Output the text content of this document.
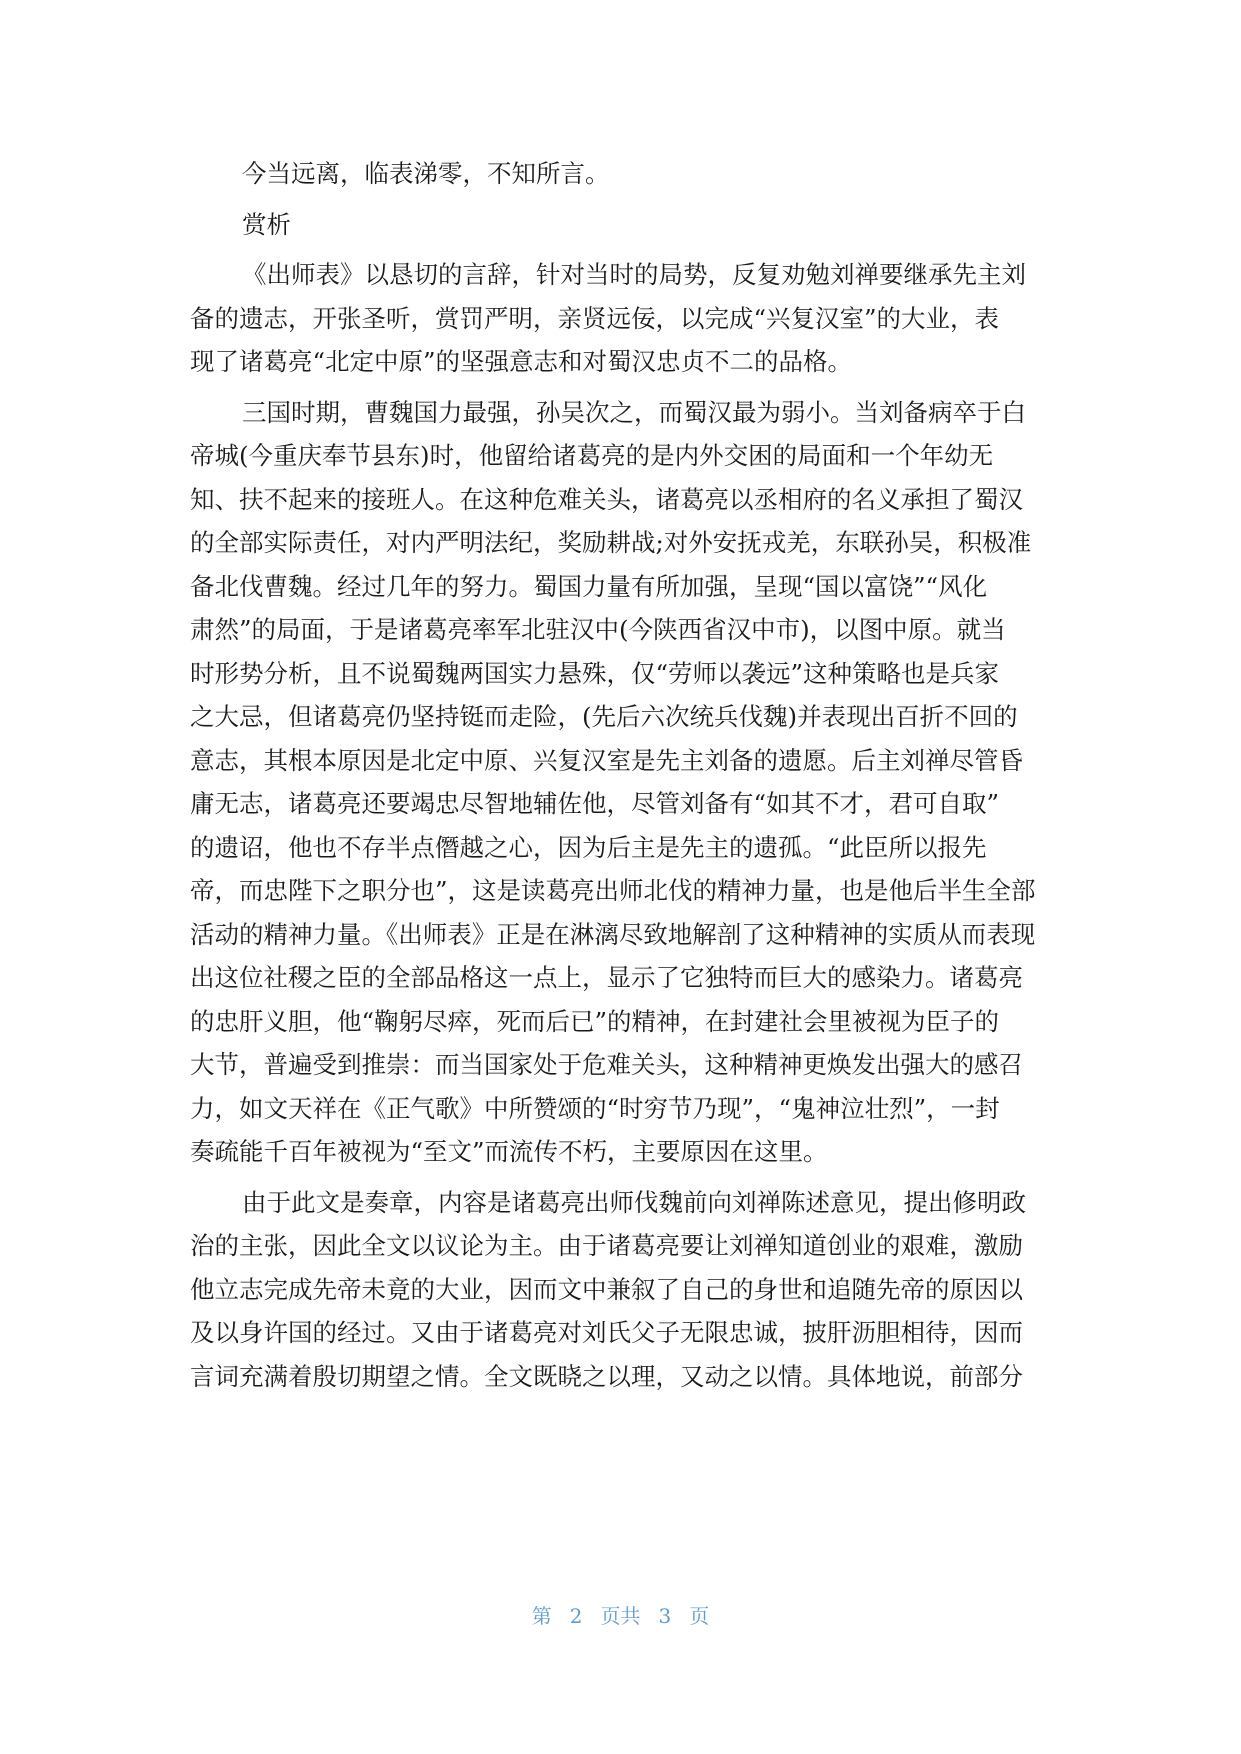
今当远离，临表涕零，不知所言。
赏析
《出师表》以恳切的言辞，针对当时的局势，反复劝勉刘禅要继承先主刘
备的遗志，开张圣听，赏罚严明，亲贤远佞，以完成“兴复汉室”的大业，表
现了诸葛亮“北定中原”的坚强意志和对蜀汉忠贞不二的品格。
三国时期，曹魏国力最强，孙吴次之，而蜀汉最为弱小。当刘备病卒于白
帝城(今重庆奉节县东)时，他留给诸葛亮的是内外交困的局面和一个年幼无
知、扶不起来的接班人。在这种危难关头，诸葛亮以丞相府的名义承担了蜀汉
的全部实际责任，对内严明法纪，奖励耕战;对外安抚戎羌，东联孙吴，积极准
备北伐曹魏。经过几年的努力。蜀国力量有所加强，呈现“国以富饶”“风化
肃然”的局面，于是诸葛亮率军北驻汉中(今陕西省汉中市)，以图中原。就当
时形势分析，且不说蜀魏两国实力悬殊，仅“劳师以袭远”这种策略也是兵家
之大忌，但诸葛亮仍坚持铤而走险，(先后六次统兵伐魏)并表现出百折不回的
意志，其根本原因是北定中原、兴复汉室是先主刘备的遗愿。后主刘禅尽管昏
庸无志，诸葛亮还要竭忠尽智地辅佐他，尽管刘备有“如其不才，君可自取”
的遗诏，他也不存半点僭越之心，因为后主是先主的遗孤。“此臣所以报先
帝，而忠陛下之职分也”，这是读葛亮出师北伐的精神力量，也是他后半生全部
活动的精神力量。《出师表》正是在淋漓尽致地解剖了这种精神的实质从而表现
出这位社稷之臣的全部品格这一点上，显示了它独特而巨大的感染力。诸葛亮
的忠肝义胆，他“鞠躬尽瘁，死而后已”的精神，在封建社会里被视为臣子的
大节，普遍受到推崇：而当国家处于危难关头，这种精神更焕发出强大的感召
力，如文天祥在《正气歌》中所赞颂的“时穷节乃现”，“鬼神泣壮烈”，一封
奏疏能千百年被视为“至文”而流传不朽，主要原因在这里。
由于此文是奏章，内容是诸葛亮出师伐魏前向刘禅陈述意见，提出修明政
治的主张，因此全文以议论为主。由于诸葛亮要让刘禅知道创业的艰难，激励
他立志完成先帝未竟的大业，因而文中兼叙了自己的身世和追随先帝的原因以
及以身许国的经过。又由于诸葛亮对刘氏父子无限忠诚，披肝沥胆相待，因而
言词充满着殷切期望之情。全文既晓之以理，又动之以情。具体地说，前部分
第 2 页共 3 页
